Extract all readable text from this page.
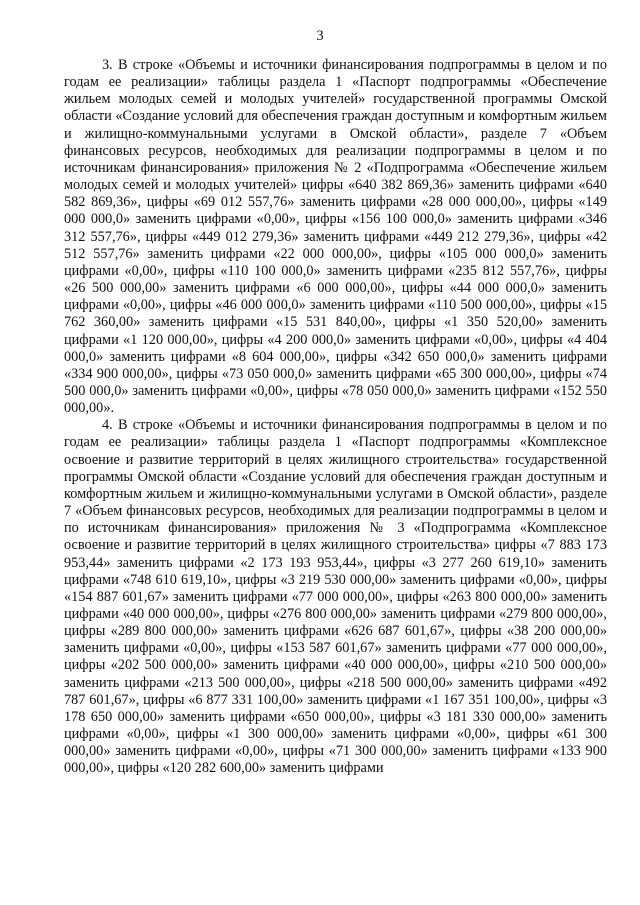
3

3. В строке «Объемы и источники финансирования подпрограммы в целом и по годам ее реализации» таблицы раздела 1 «Паспорт подпрограммы «Обеспечение жильем молодых семей и молодых учителей» государственной программы Омской области «Создание условий для обеспечения граждан доступным и комфортным жильем и жилищно-коммунальными услугами в Омской области», разделе 7 «Объем финансовых ресурсов, необходимых для реализации подпрограммы в целом и по источникам финансирования» приложения № 2 «Подпрограмма «Обеспечение жильем молодых семей и молодых учителей» цифры «640 382 869,36» заменить цифрами «640 582 869,36», цифры «69 012 557,76» заменить цифрами «28 000 000,00», цифры «149 000 000,0» заменить цифрами «0,00», цифры «156 100 000,0» заменить цифрами «346 312 557,76», цифры «449 012 279,36» заменить цифрами «449 212 279,36», цифры «42 512 557,76» заменить цифрами «22 000 000,00», цифры «105 000 000,0» заменить цифрами «0,00», цифры «110 100 000,0» заменить цифрами «235 812 557,76», цифры «26 500 000,00» заменить цифрами «6 000 000,00», цифры «44 000 000,0» заменить цифрами «0,00», цифры «46 000 000,0» заменить цифрами «110 500 000,00», цифры «15 762 360,00» заменить цифрами «15 531 840,00», цифры «1 350 520,00» заменить цифрами «1 120 000,00», цифры «4 200 000,0» заменить цифрами «0,00», цифры «4 404 000,0» заменить цифрами «8 604 000,00», цифры «342 650 000,0» заменить цифрами «334 900 000,00», цифры «73 050 000,0» заменить цифрами «65 300 000,00», цифры «74 500 000,0» заменить цифрами «0,00», цифры «78 050 000,0» заменить цифрами «152 550 000,00».

4. В строке «Объемы и источники финансирования подпрограммы в целом и по годам ее реализации» таблицы раздела 1 «Паспорт подпрограммы «Комплексное освоение и развитие территорий в целях жилищного строительства» государственной программы Омской области «Создание условий для обеспечения граждан доступным и комфортным жильем и жилищно-коммунальными услугами в Омской области», разделе 7 «Объем финансовых ресурсов, необходимых для реализации подпрограммы в целом и по источникам финансирования» приложения № 3 «Подпрограмма «Комплексное освоение и развитие территорий в целях жилищного строительства» цифры «7 883 173 953,44» заменить цифрами «2 173 193 953,44», цифры «3 277 260 619,10» заменить цифрами «748 610 619,10», цифры «3 219 530 000,00» заменить цифрами «0,00», цифры «154 887 601,67» заменить цифрами «77 000 000,00», цифры «263 800 000,00» заменить цифрами «40 000 000,00», цифры «276 800 000,00» заменить цифрами «279 800 000,00», цифры «289 800 000,00» заменить цифрами «626 687 601,67», цифры «38 200 000,00» заменить цифрами «0,00», цифры «153 587 601,67» заменить цифрами «77 000 000,00», цифры «202 500 000,00» заменить цифрами «40 000 000,00», цифры «210 500 000,00» заменить цифрами «213 500 000,00», цифры «218 500 000,00» заменить цифрами «492 787 601,67», цифры «6 877 331 100,00» заменить цифрами «1 167 351 100,00», цифры «3 178 650 000,00» заменить цифрами «650 000,00», цифры «3 181 330 000,00» заменить цифрами «0,00», цифры «1 300 000,00» заменить цифрами «0,00», цифры «61 300 000,00» заменить цифрами «0,00», цифры «71 300 000,00» заменить цифрами «133 900 000,00», цифры «120 282 600,00» заменить цифрами
